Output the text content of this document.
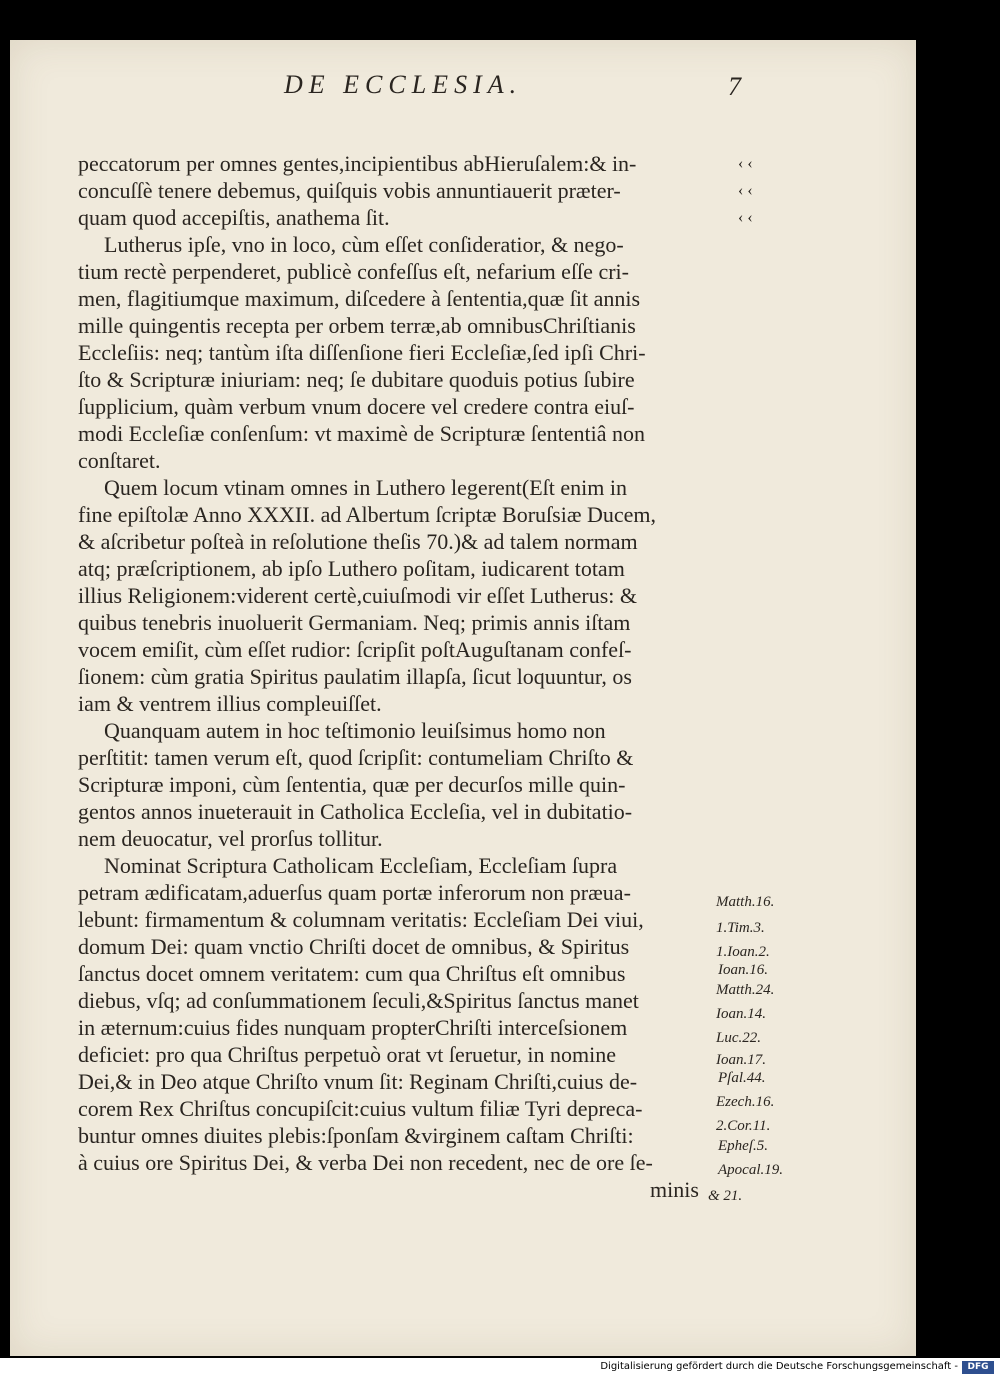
DE ECCLESIA.	7
peccatorum per omnes gentes,incipientibus abHieruſalem:& in-
concuſſè tenere debemus, quiſquis vobis annuntiauerit præter-
quam quod accepiſtis, anathema ſit.
Lutherus ipſe, vno in loco, cùm eſſet conſideratior, & nego-
tium rectè perpenderet, publicè confeſſus eſt, nefarium eſſe cri-
men, flagitiumque maximum, diſcedere à ſententia,quæ ſit annis
mille quingentis recepta per orbem terræ,ab omnibusChriſtianis
Eccleſiis: neq; tantùm iſta diſſenſione fieri Eccleſiæ,ſed ipſi Chri-
ſto & Scripturæ iniuriam: neq; ſe dubitare quoduis potius ſubire
ſupplicium, quàm verbum vnum docere vel credere contra eiuſ-
modi Eccleſiæ conſenſum: vt maximè de Scripturæ ſententiâ non
conſtaret.
Quem locum vtinam omnes in Luthero legerent(Eſt enim in
fine epiſtolæ Anno XXXII. ad Albertum ſcriptæ Boruſsiæ Ducem,
& aſcribetur poſteà in reſolutione theſis 70.)& ad talem normam
atq; præſcriptionem, ab ipſo Luthero poſitam, iudicarent totam
illius Religionem:viderent certè,cuiuſmodi vir eſſet Lutherus: &
quibus tenebris inuoluerit Germaniam. Neq; primis annis iſtam
vocem emiſit, cùm eſſet rudior: ſcripſit poſtAuguſtanam confeſ-
ſionem: cùm gratia Spiritus paulatim illapſa, ſicut loquuntur, os
iam & ventrem illius compleuiſſet.
Quanquam autem in hoc teſtimonio leuiſsimus homo non
perſtitit: tamen verum eſt, quod ſcripſit: contumeliam Chriſto &
Scripturæ imponi, cùm ſententia, quæ per decurſos mille quin-
gentos annos inueterauit in Catholica Eccleſia, vel in dubitatio-
nem deuocatur, vel prorſus tollitur.
Nominat Scriptura Catholicam Eccleſiam, Eccleſiam ſupra
petram ædificatam,aduerſus quam portæ inferorum non præua-
lebunt: firmamentum & columnam veritatis: Eccleſiam Dei viui,
domum Dei: quam vnctio Chriſti docet de omnibus, & Spiritus
ſanctus docet omnem veritatem: cum qua Chriſtus eſt omnibus
diebus, vſq; ad conſummationem ſeculi,&Spiritus ſanctus manet
in æternum:cuius fides nunquam propterChriſti interceſsionem
deficiet: pro qua Chriſtus perpetuò orat vt ſeruetur, in nomine
Dei,& in Deo atque Chriſto vnum ſit: Reginam Chriſti,cuius de-
corem Rex Chriſtus concupiſcit:cuius vultum filiæ Tyri depreca-
buntur omnes diuites plebis:ſponſam &virginem caſtam Chriſti:
à cuius ore Spiritus Dei, & verba Dei non recedent, nec de ore ſe-
minis
‹ ‹
‹ ‹
‹ ‹
Matth.16.
1.Tim.3.
1.Ioan.2.
Ioan.16.
Matth.24.
Ioan.14.
Luc.22.
Ioan.17.
Pſal.44.
Ezech.16.
2.Cor.11.
Epheſ.5.
Apocal.19.
& 21.
Digitalisierung gefördert durch die Deutsche Forschungsgemeinschaft -	DFG
